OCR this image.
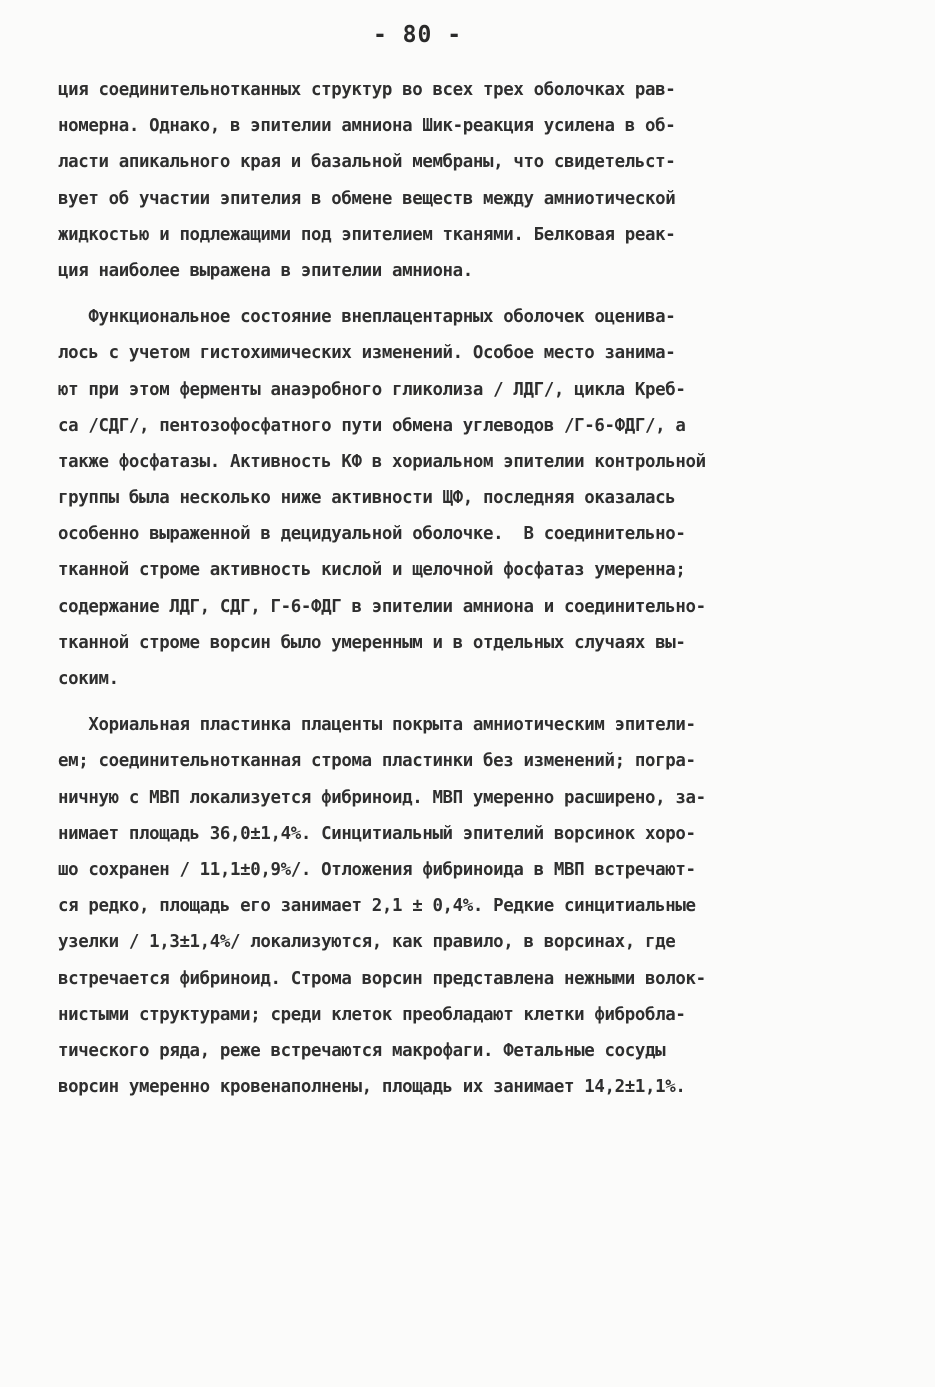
- 80 -
ция соединительнотканных структур во всех трех оболочках рав-
номерна. Однако, в эпителии амниона Шик-реакция усилена в об-
ласти апикального края и базальной мембраны, что свидетельст-
вует об участии эпителия в обмене веществ между амниотической
жидкостью и подлежащими под эпителием тканями. Белковая реак-
ция наиболее выражена в эпителии амниона.
Функциональное состояние внеплацентарных оболочек оценива-
лось с учетом гистохимических изменений. Особое место занима-
ют при этом ферменты анаэробного гликолиза / ЛДГ/, цикла Креб-
са /СДГ/, пентозофосфатного пути обмена углеводов /Г-6-ФДГ/, а
также фосфатазы. Активность КФ в хориальном эпителии контрольной
группы была несколько ниже активности ЩФ, последняя оказалась
особенно выраженной в децидуальной оболочке.  В соединительно-
тканной строме активность кислой и щелочной фосфатаз умеренна;
содержание ЛДГ, СДГ, Г-6-ФДГ в эпителии амниона и соединительно-
тканной строме ворсин было умеренным и в отдельных случаях вы-
соким.
Хориальная пластинка плаценты покрыта амниотическим эпители-
ем; соединительнотканная строма пластинки без изменений; погра-
ничную с МВП локализуется фибриноид. МВП умеренно расширено, за-
нимает площадь 36,0±1,4%. Синцитиальный эпителий ворсинок хоро-
шо сохранен / 11,1±0,9%/. Отложения фибриноида в МВП встречают-
ся редко, площадь его занимает 2,1 ± 0,4%. Редкие синцитиальные
узелки / 1,3±1,4%/ локализуются, как правило, в ворсинах, где
встречается фибриноид. Строма ворсин представлена нежными волок-
нистыми структурами; среди клеток преобладают клетки фибробла-
тического ряда, реже встречаются макрофаги. Фетальные сосуды
ворсин умеренно кровенаполнены, площадь их занимает 14,2±1,1%.
